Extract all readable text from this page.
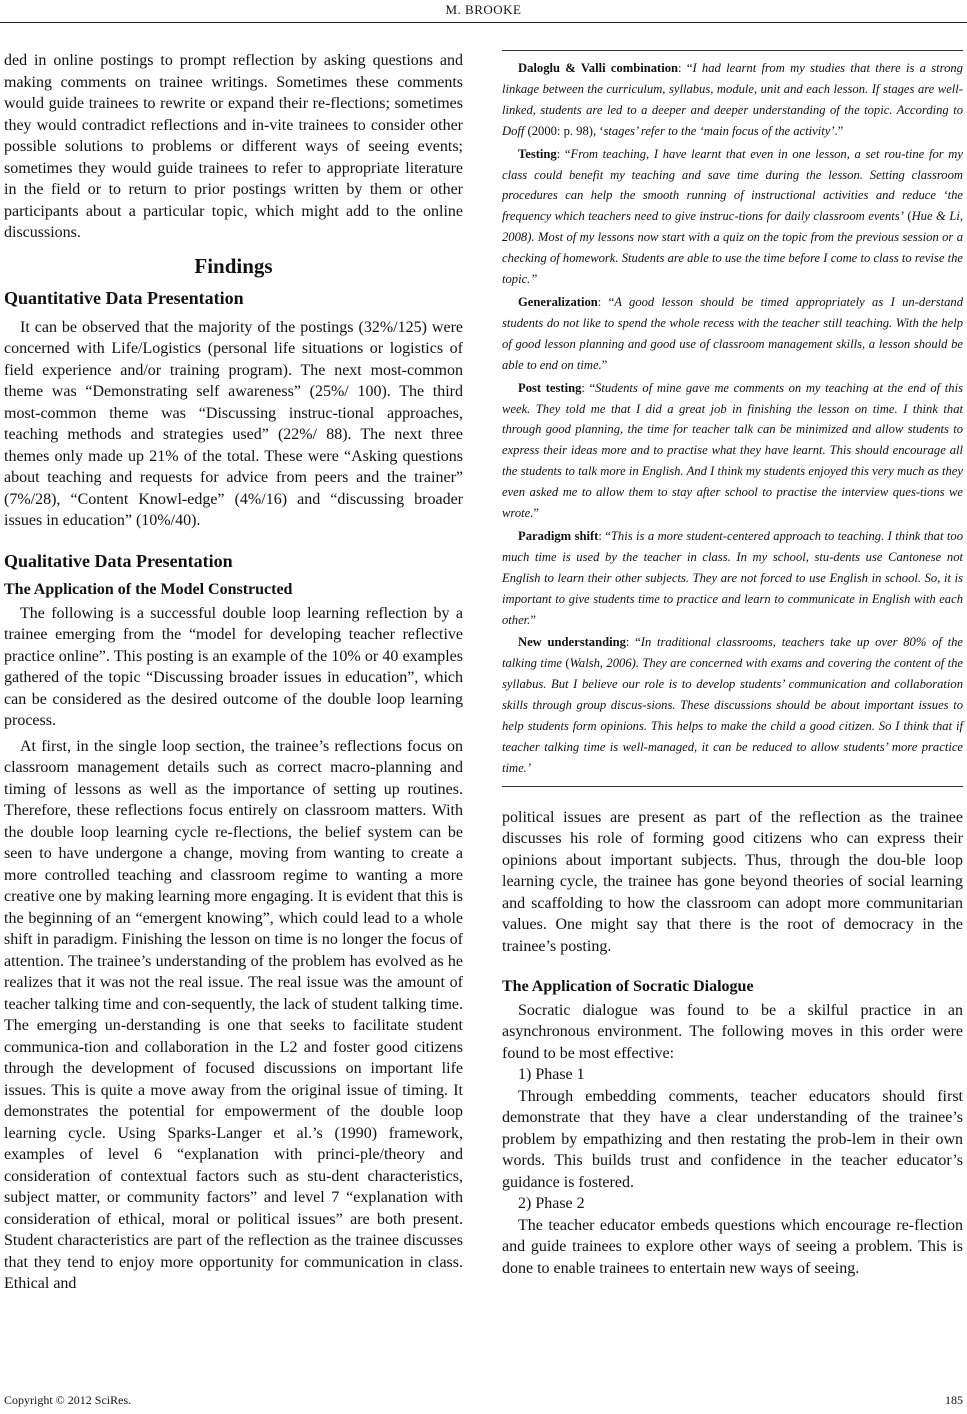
M. BROOKE

ded in online postings to prompt reflection by asking questions and making comments on trainee writings. Sometimes these comments would guide trainees to rewrite or expand their re-flections; sometimes they would contradict reflections and in-vite trainees to consider other possible solutions to problems or different ways of seeing events; sometimes they would guide trainees to refer to appropriate literature in the field or to return to prior postings written by them or other participants about a particular topic, which might add to the online discussions.

Findings
Quantitative Data Presentation

It can be observed that the majority of the postings (32%/125) were concerned with Life/Logistics (personal life situations or logistics of field experience and/or training program). The next most-common theme was “Demonstrating self awareness” (25%/ 100). The third most-common theme was “Discussing instruc-tional approaches, teaching methods and strategies used” (22%/ 88). The next three themes only made up 21% of the total. These were “Asking questions about teaching and requests for advice from peers and the trainer” (7%/28), “Content Knowl-edge” (4%/16) and “discussing broader issues in education” (10%/40).

Qualitative Data Presentation
The Application of the Model Constructed

The following is a successful double loop learning reflection by a trainee emerging from the “model for developing teacher reflective practice online”. This posting is an example of the 10% or 40 examples gathered of the topic “Discussing broader issues in education”, which can be considered as the desired outcome of the double loop learning process.

At first, in the single loop section, the trainee’s reflections focus on classroom management details such as correct macro-planning and timing of lessons as well as the importance of setting up routines. Therefore, these reflections focus entirely on classroom matters. With the double loop learning cycle re-flections, the belief system can be seen to have undergone a change, moving from wanting to create a more controlled teaching and classroom regime to wanting a more creative one by making learning more engaging. It is evident that this is the beginning of an “emergent knowing”, which could lead to a whole shift in paradigm. Finishing the lesson on time is no longer the focus of attention. The trainee’s understanding of the problem has evolved as he realizes that it was not the real issue. The real issue was the amount of teacher talking time and con-sequently, the lack of student talking time. The emerging un-derstanding is one that seeks to facilitate student communica-tion and collaboration in the L2 and foster good citizens through the development of focused discussions on important life issues. This is quite a move away from the original issue of timing. It demonstrates the potential for empowerment of the double loop learning cycle. Using Sparks-Langer et al.’s (1990) framework, examples of level 6 “explanation with princi-ple/theory and consideration of contextual factors such as stu-dent characteristics, subject matter, or community factors” and level 7 “explanation with consideration of ethical, moral or political issues” are both present. Student characteristics are part of the reflection as the trainee discusses that they tend to enjoy more opportunity for communication in class. Ethical and

Daloglu & Valli combination: “I had learnt from my studies that there is a strong linkage between the curriculum, syllabus, module, unit and each lesson. If stages are well-linked, students are led to a deeper and deeper understanding of the topic. According to Doff (2000: p. 98), ‘stages’ refer to the ‘main focus of the activity’.”

Testing: “From teaching, I have learnt that even in one lesson, a set rou-tine for my class could benefit my teaching and save time during the lesson. Setting classroom procedures can help the smooth running of instructional activities and reduce ‘the frequency which teachers need to give instruc-tions for daily classroom events’ (Hue & Li, 2008). Most of my lessons now start with a quiz on the topic from the previous session or a checking of homework. Students are able to use the time before I come to class to revise the topic.”

Generalization: “A good lesson should be timed appropriately as I un-derstand students do not like to spend the whole recess with the teacher still teaching. With the help of good lesson planning and good use of classroom management skills, a lesson should be able to end on time.”

Post testing: “Students of mine gave me comments on my teaching at the end of this week. They told me that I did a great job in finishing the lesson on time. I think that through good planning, the time for teacher talk can be minimized and allow students to express their ideas more and to practise what they have learnt. This should encourage all the students to talk more in English. And I think my students enjoyed this very much as they even asked me to allow them to stay after school to practise the interview ques-tions we wrote.”

Paradigm shift: “This is a more student-centered approach to teaching. I think that too much time is used by the teacher in class. In my school, stu-dents use Cantonese not English to learn their other subjects. They are not forced to use English in school. So, it is important to give students time to practice and learn to communicate in English with each other.”

New understanding: “In traditional classrooms, teachers take up over 80% of the talking time (Walsh, 2006). They are concerned with exams and covering the content of the syllabus. But I believe our role is to develop students’ communication and collaboration skills through group discus-sions. These discussions should be about important issues to help students form opinions. This helps to make the child a good citizen. So I think that if teacher talking time is well-managed, it can be reduced to allow students’ more practice time.’

political issues are present as part of the reflection as the trainee discusses his role of forming good citizens who can express their opinions about important subjects. Thus, through the dou-ble loop learning cycle, the trainee has gone beyond theories of social learning and scaffolding to how the classroom can adopt more communitarian values. One might say that there is the root of democracy in the trainee’s posting.

The Application of Socratic Dialogue

Socratic dialogue was found to be a skilful practice in an asynchronous environment. The following moves in this order were found to be most effective:

1) Phase 1

Through embedding comments, teacher educators should first demonstrate that they have a clear understanding of the trainee’s problem by empathizing and then restating the prob-lem in their own words. This builds trust and confidence in the teacher educator’s guidance is fostered.

2) Phase 2

The teacher educator embeds questions which encourage re-flection and guide trainees to explore other ways of seeing a problem. This is done to enable trainees to entertain new ways of seeing.

Copyright © 2012 SciRes.	185
